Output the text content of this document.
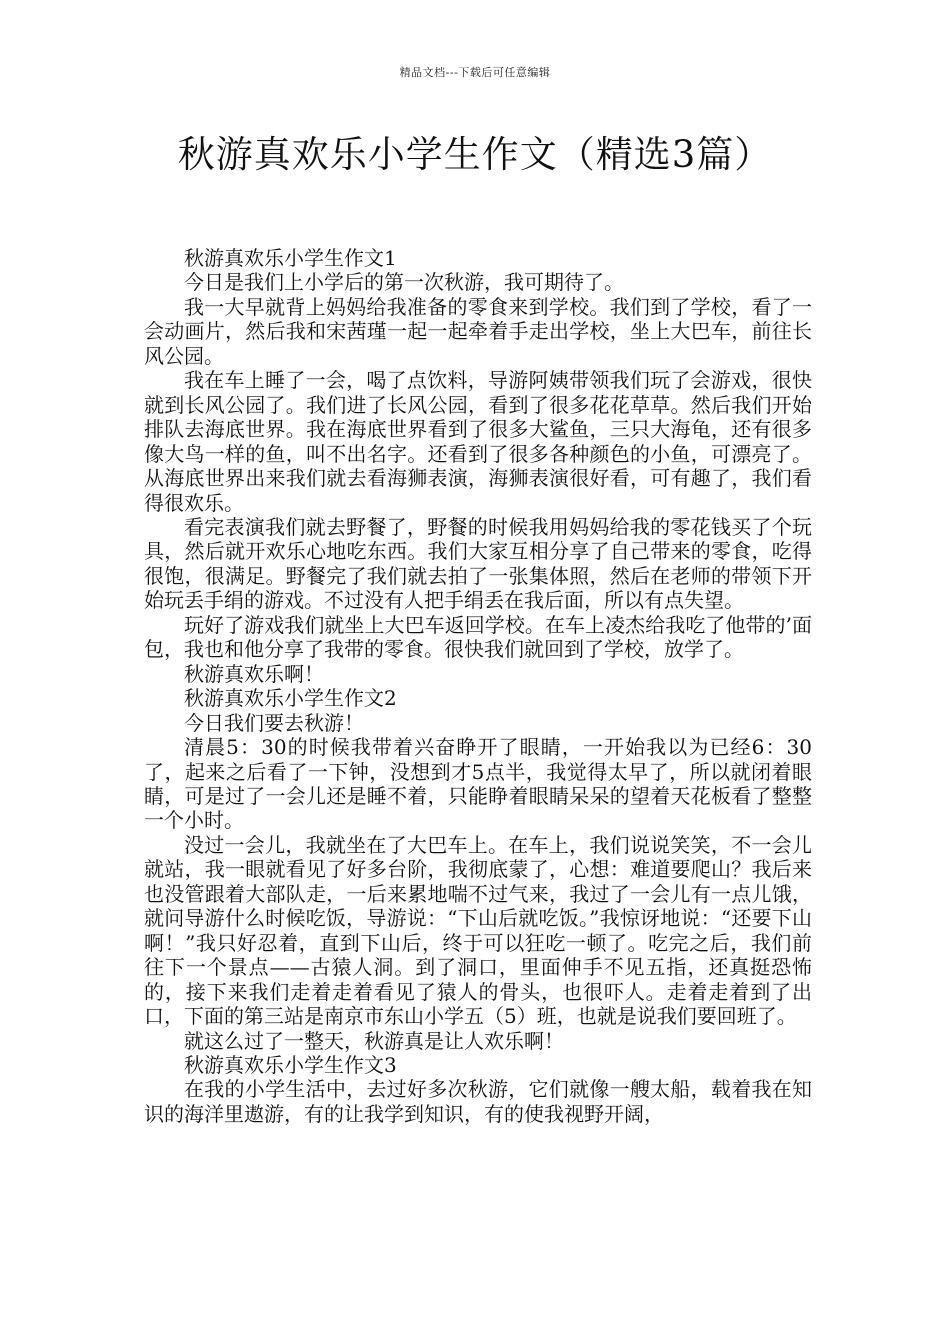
精品文档---下载后可任意编辑
秋游真欢乐小学生作文（精选3篇）

秋游真欢乐小学生作文1

今日是我们上小学后的第一次秋游，我可期待了。

我一大早就背上妈妈给我准备的零食来到学校。我们到了学校，看了一会动画片，然后我和宋茜瑾一起一起牵着手走出学校，坐上大巴车，前往长风公园。

我在车上睡了一会，喝了点饮料，导游阿姨带领我们玩了会游戏，很快就到长风公园了。我们进了长风公园，看到了很多花花草草。然后我们开始排队去海底世界。我在海底世界看到了很多大鲨鱼，三只大海龟，还有很多像大鸟一样的鱼，叫不出名字。还看到了很多各种颜色的小鱼，可漂亮了。从海底世界出来我们就去看海狮表演，海狮表演很好看，可有趣了，我们看得很欢乐。

看完表演我们就去野餐了，野餐的时候我用妈妈给我的零花钱买了个玩具，然后就开欢乐心地吃东西。我们大家互相分享了自己带来的零食，吃得很饱，很满足。野餐完了我们就去拍了一张集体照，然后在老师的带领下开始玩丢手绢的游戏。不过没有人把手绢丢在我后面，所以有点失望。

玩好了游戏我们就坐上大巴车返回学校。在车上凌杰给我吃了他带的’面包，我也和他分享了我带的零食。很快我们就回到了学校，放学了。

秋游真欢乐啊！

秋游真欢乐小学生作文2

今日我们要去秋游！

清晨5：30的时候我带着兴奋睁开了眼睛，一开始我以为已经6：30了，起来之后看了一下钟，没想到才5点半，我觉得太早了，所以就闭着眼睛，可是过了一会儿还是睡不着，只能睁着眼睛呆呆的望着天花板看了整整一个小时。

没过一会儿，我就坐在了大巴车上。在车上，我们说说笑笑，不一会儿就站，我一眼就看见了好多台阶，我彻底蒙了，心想：难道要爬山？我后来也没管跟着大部队走，一后来累地喘不过气来，我过了一会儿有一点儿饿，就问导游什么时候吃饭，导游说：“下山后就吃饭。”我惊讶地说：“还要下山啊！”我只好忍着，直到下山后，终于可以狂吃一顿了。吃完之后，我们前往下一个景点——古猿人洞。到了洞口，里面伸手不见五指，还真挺恐怖的，接下来我们走着走着看见了猿人的骨头，也很吓人。走着走着到了出口，下面的第三站是南京市东山小学五（5）班，也就是说我们要回班了。

就这么过了一整天，秋游真是让人欢乐啊！

秋游真欢乐小学生作文3

在我的小学生活中，去过好多次秋游，它们就像一艘太船，载着我在知识的海洋里遨游，有的让我学到知识，有的使我视野开阔，
